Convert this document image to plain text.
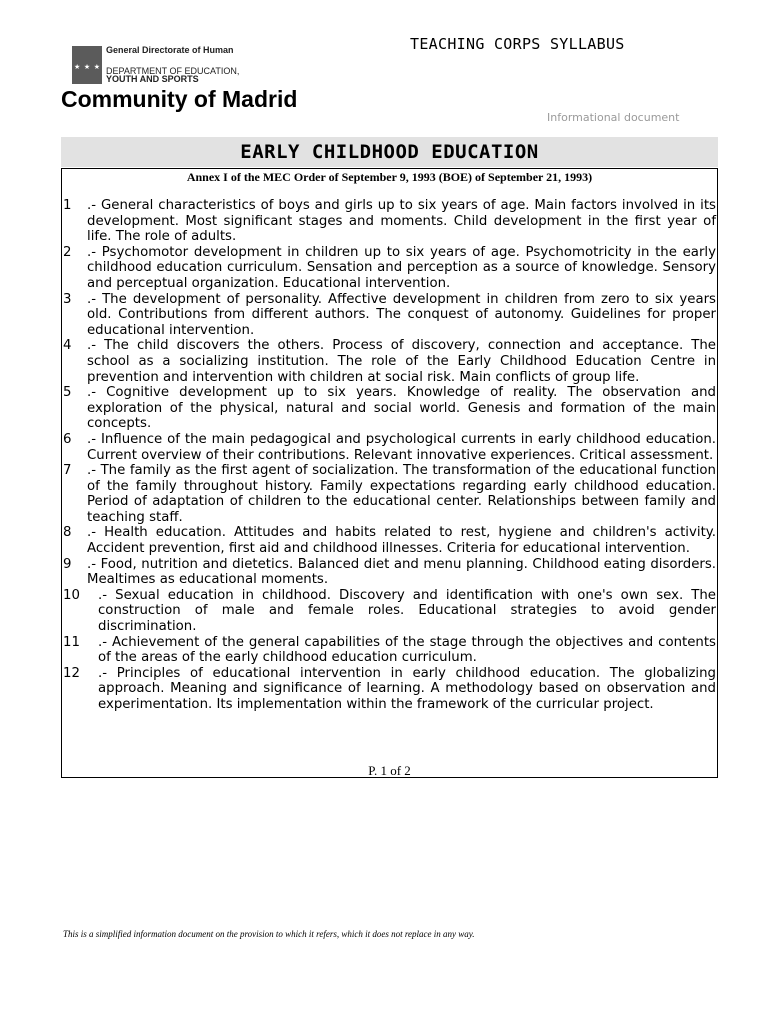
★ ★ ★
General Directorate of Human
DEPARTMENT OF EDUCATION,
YOUTH AND SPORTS
TEACHING CORPS SYLLABUS
Community of Madrid
Informational document
EARLY CHILDHOOD EDUCATION
Annex I of the MEC Order of September 9, 1993 (BOE) of September 21, 1993)
1	.- General characteristics of boys and girls up to six years of age. Main factors involved in its development. Most significant stages and moments. Child development in the first year of life. The role of adults.
2	.- Psychomotor development in children up to six years of age. Psychomotricity in the early childhood education curriculum. Sensation and perception as a source of knowledge. Sensory and perceptual organization. Educational intervention.
3	.- The development of personality. Affective development in children from zero to six years old. Contributions from different authors. The conquest of autonomy. Guidelines for proper educational intervention.
4	.- The child discovers the others. Process of discovery, connection and acceptance. The school as a socializing institution. The role of the Early Childhood Education Centre in prevention and intervention with children at social risk. Main conflicts of group life.
5	.- Cognitive development up to six years. Knowledge of reality. The observation and exploration of the physical, natural and social world. Genesis and formation of the main concepts.
6	.- Influence of the main pedagogical and psychological currents in early childhood education. Current overview of their contributions. Relevant innovative experiences. Critical assessment.
7	.- The family as the first agent of socialization. The transformation of the educational function of the family throughout history. Family expectations regarding early childhood education. Period of adaptation of children to the educational center. Relationships between family and teaching staff.
8	.- Health education. Attitudes and habits related to rest, hygiene and children's activity. Accident prevention, first aid and childhood illnesses. Criteria for educational intervention.
9	.- Food, nutrition and dietetics. Balanced diet and menu planning. Childhood eating disorders. Mealtimes as educational moments.
10	.- Sexual education in childhood. Discovery and identification with one's own sex. The construction of male and female roles. Educational strategies to avoid gender discrimination.
11	.- Achievement of the general capabilities of the stage through the objectives and contents of the areas of the early childhood education curriculum.
12	.- Principles of educational intervention in early childhood education. The globalizing approach. Meaning and significance of learning. A methodology based on observation and experimentation. Its implementation within the framework of the curricular project.
P. 1 of 2
This is a simplified information document on the provision to which it refers, which it does not replace in any way.
